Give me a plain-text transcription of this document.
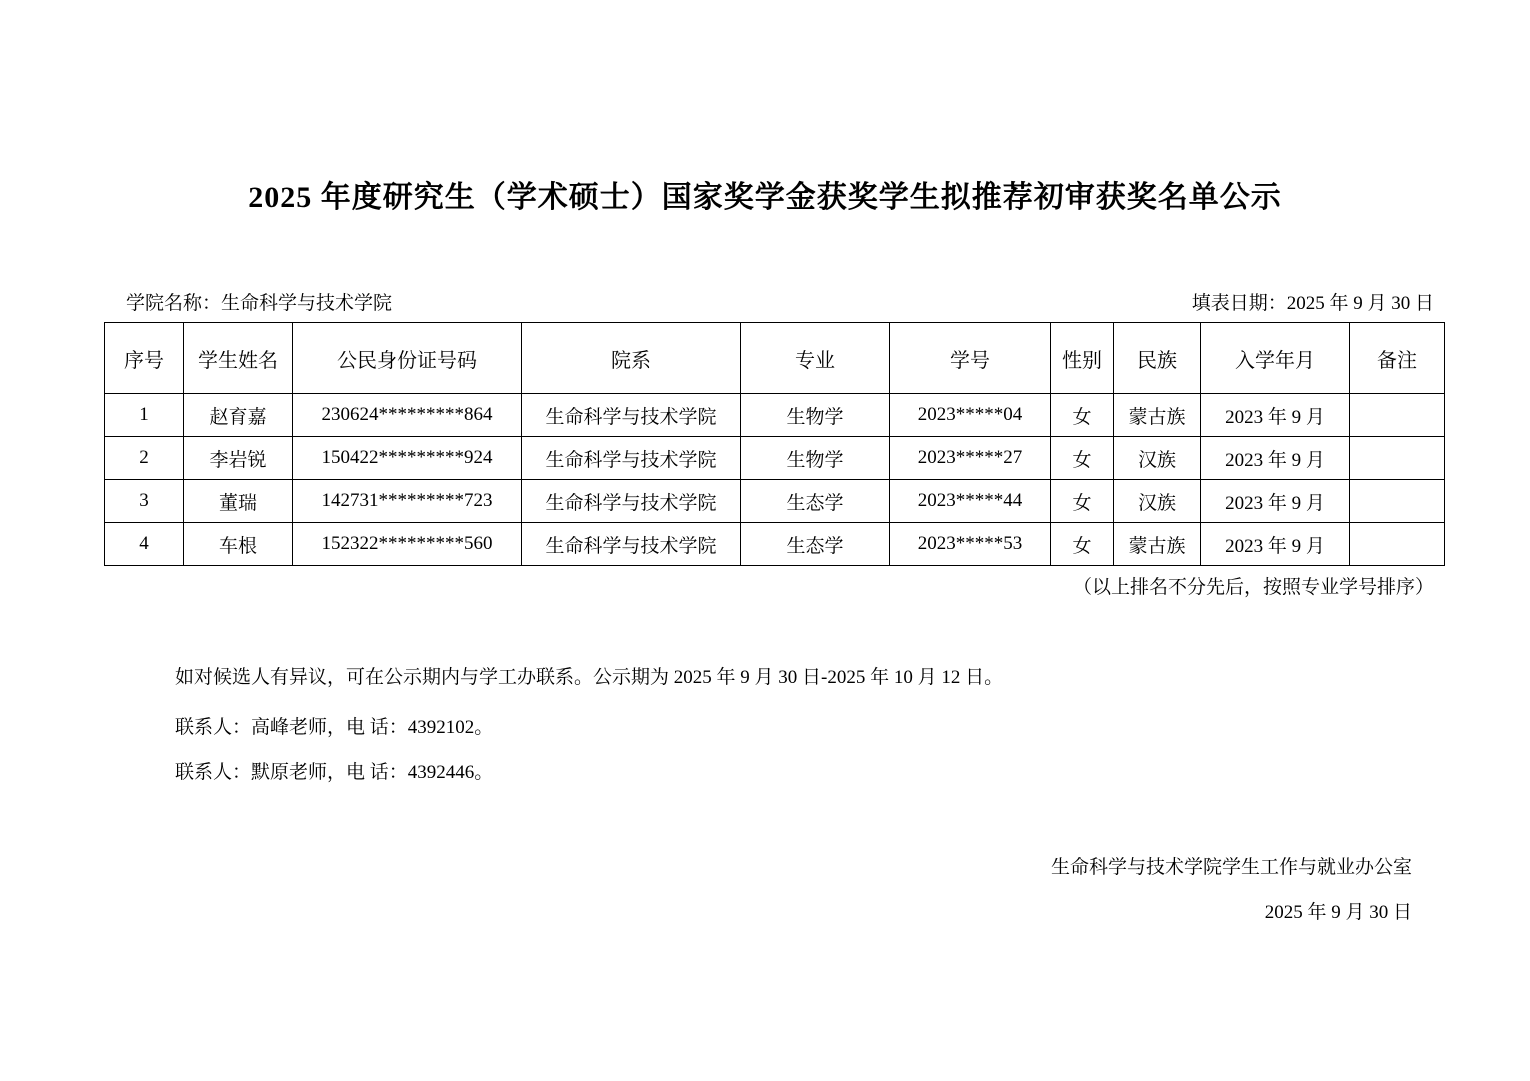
2025 年度研究生（学术硕士）国家奖学金获奖学生拟推荐初审获奖名单公示
学院名称：生命科学与技术学院	填表日期：2025 年 9 月 30 日
序号	学生姓名	公民身份证号码	院系	专业	学号	性别	民族	入学年月	备注
1	赵育嘉	230624*********864	生命科学与技术学院	生物学	2023*****04	女	蒙古族	2023 年 9 月	
2	李岩锐	150422*********924	生命科学与技术学院	生物学	2023*****27	女	汉族	2023 年 9 月	
3	董瑞	142731*********723	生命科学与技术学院	生态学	2023*****44	女	汉族	2023 年 9 月	
4	车根	152322*********560	生命科学与技术学院	生态学	2023*****53	女	蒙古族	2023 年 9 月	
（以上排名不分先后，按照专业学号排序）
如对候选人有异议，可在公示期内与学工办联系。公示期为 2025 年 9 月 30 日-2025 年 10 月 12 日。
联系人：高峰老师，电 话：4392102。
联系人：默原老师，电 话：4392446。
生命科学与技术学院学生工作与就业办公室
2025 年 9 月 30 日
